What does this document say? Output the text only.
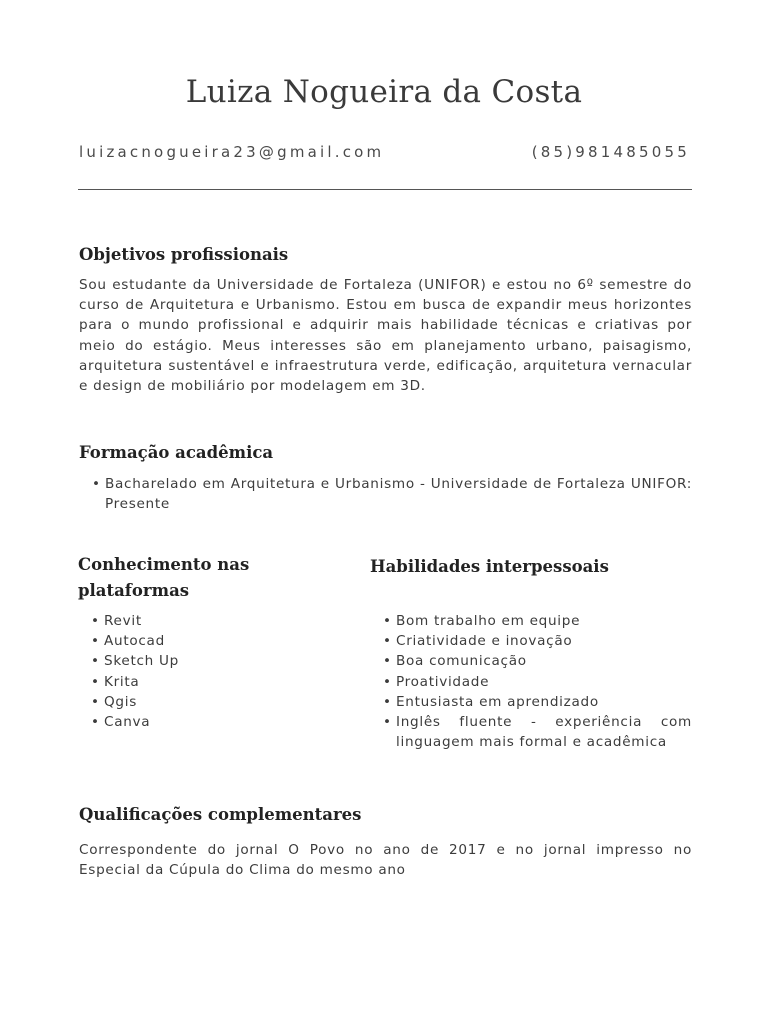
Luiza Nogueira da Costa
luizacnogueira23@gmail.com	(85)981485055
Objetivos profissionais
Sou estudante da Universidade de Fortaleza (UNIFOR) e estou no 6º semestre do curso de Arquitetura e Urbanismo. Estou em busca de expandir meus horizontes para o mundo profissional e adquirir mais habilidade técnicas e criativas por meio do estágio. Meus interesses são em planejamento urbano, paisagismo, arquitetura sustentável e infraestrutura verde, edificação, arquitetura vernacular e design de mobiliário por modelagem em 3D.
Formação acadêmica
• Bacharelado em Arquitetura e Urbanismo - Universidade de Fortaleza UNIFOR: Presente
Conhecimento nas
plataformas
• Revit
• Autocad
• Sketch Up
• Krita
• Qgis
• Canva
Habilidades interpessoais
• Bom trabalho em equipe
• Criatividade e inovação
• Boa comunicação
• Proatividade
• Entusiasta em aprendizado
• Inglês fluente - experiência com linguagem mais formal e acadêmica
Qualificações complementares
Correspondente do jornal O Povo no ano de 2017 e no jornal impresso no Especial da Cúpula do Clima do mesmo ano
